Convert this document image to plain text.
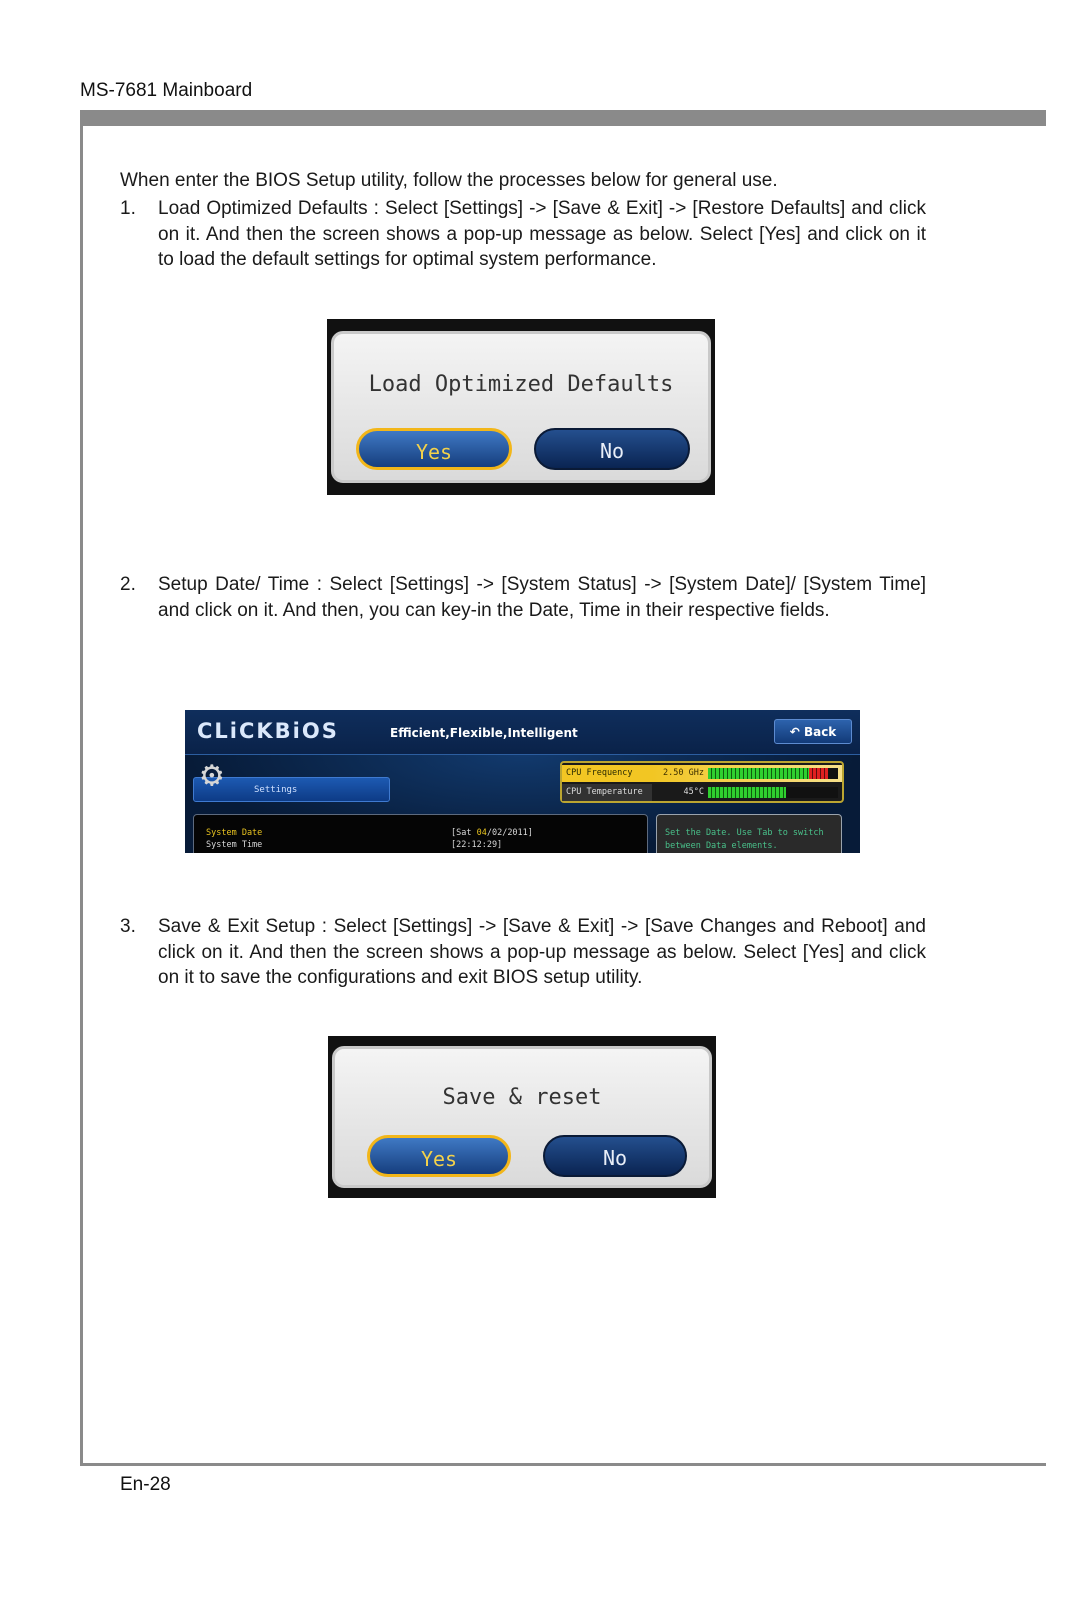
MS-7681 Mainboard
When enter the BIOS Setup utility, follow the processes below for general use.
1. Load Optimized Defaults : Select [Settings] -> [Save & Exit] -> [Restore Defaults] and click on it. And then the screen shows a pop-up message as below. Select [Yes] and click on it to load the default settings for optimal system performance.
Load Optimized Defaults
Yes	No
2. Setup Date/ Time : Select [Settings] -> [System Status] -> [System Date]/ [System Time] and click on it. And then, you can key-in the Date, Time in their respective fields.
CLiCKBiOS	Efficient,Flexible,Intelligent	↶ Back
Settings
⚙	CPU Frequency	2.50 GHz
CPU Temperature	45°C
System Date	[Sat 04/02/2011]
System Time	[22:12:29]
Set the Date. Use Tab to switch between Data elements.
3. Save & Exit Setup : Select [Settings] -> [Save & Exit] -> [Save Changes and Reboot] and click on it. And then the screen shows a pop-up message as below. Select [Yes] and click on it to save the configurations and exit BIOS setup utility.
Save & reset
Yes	No
En-28
